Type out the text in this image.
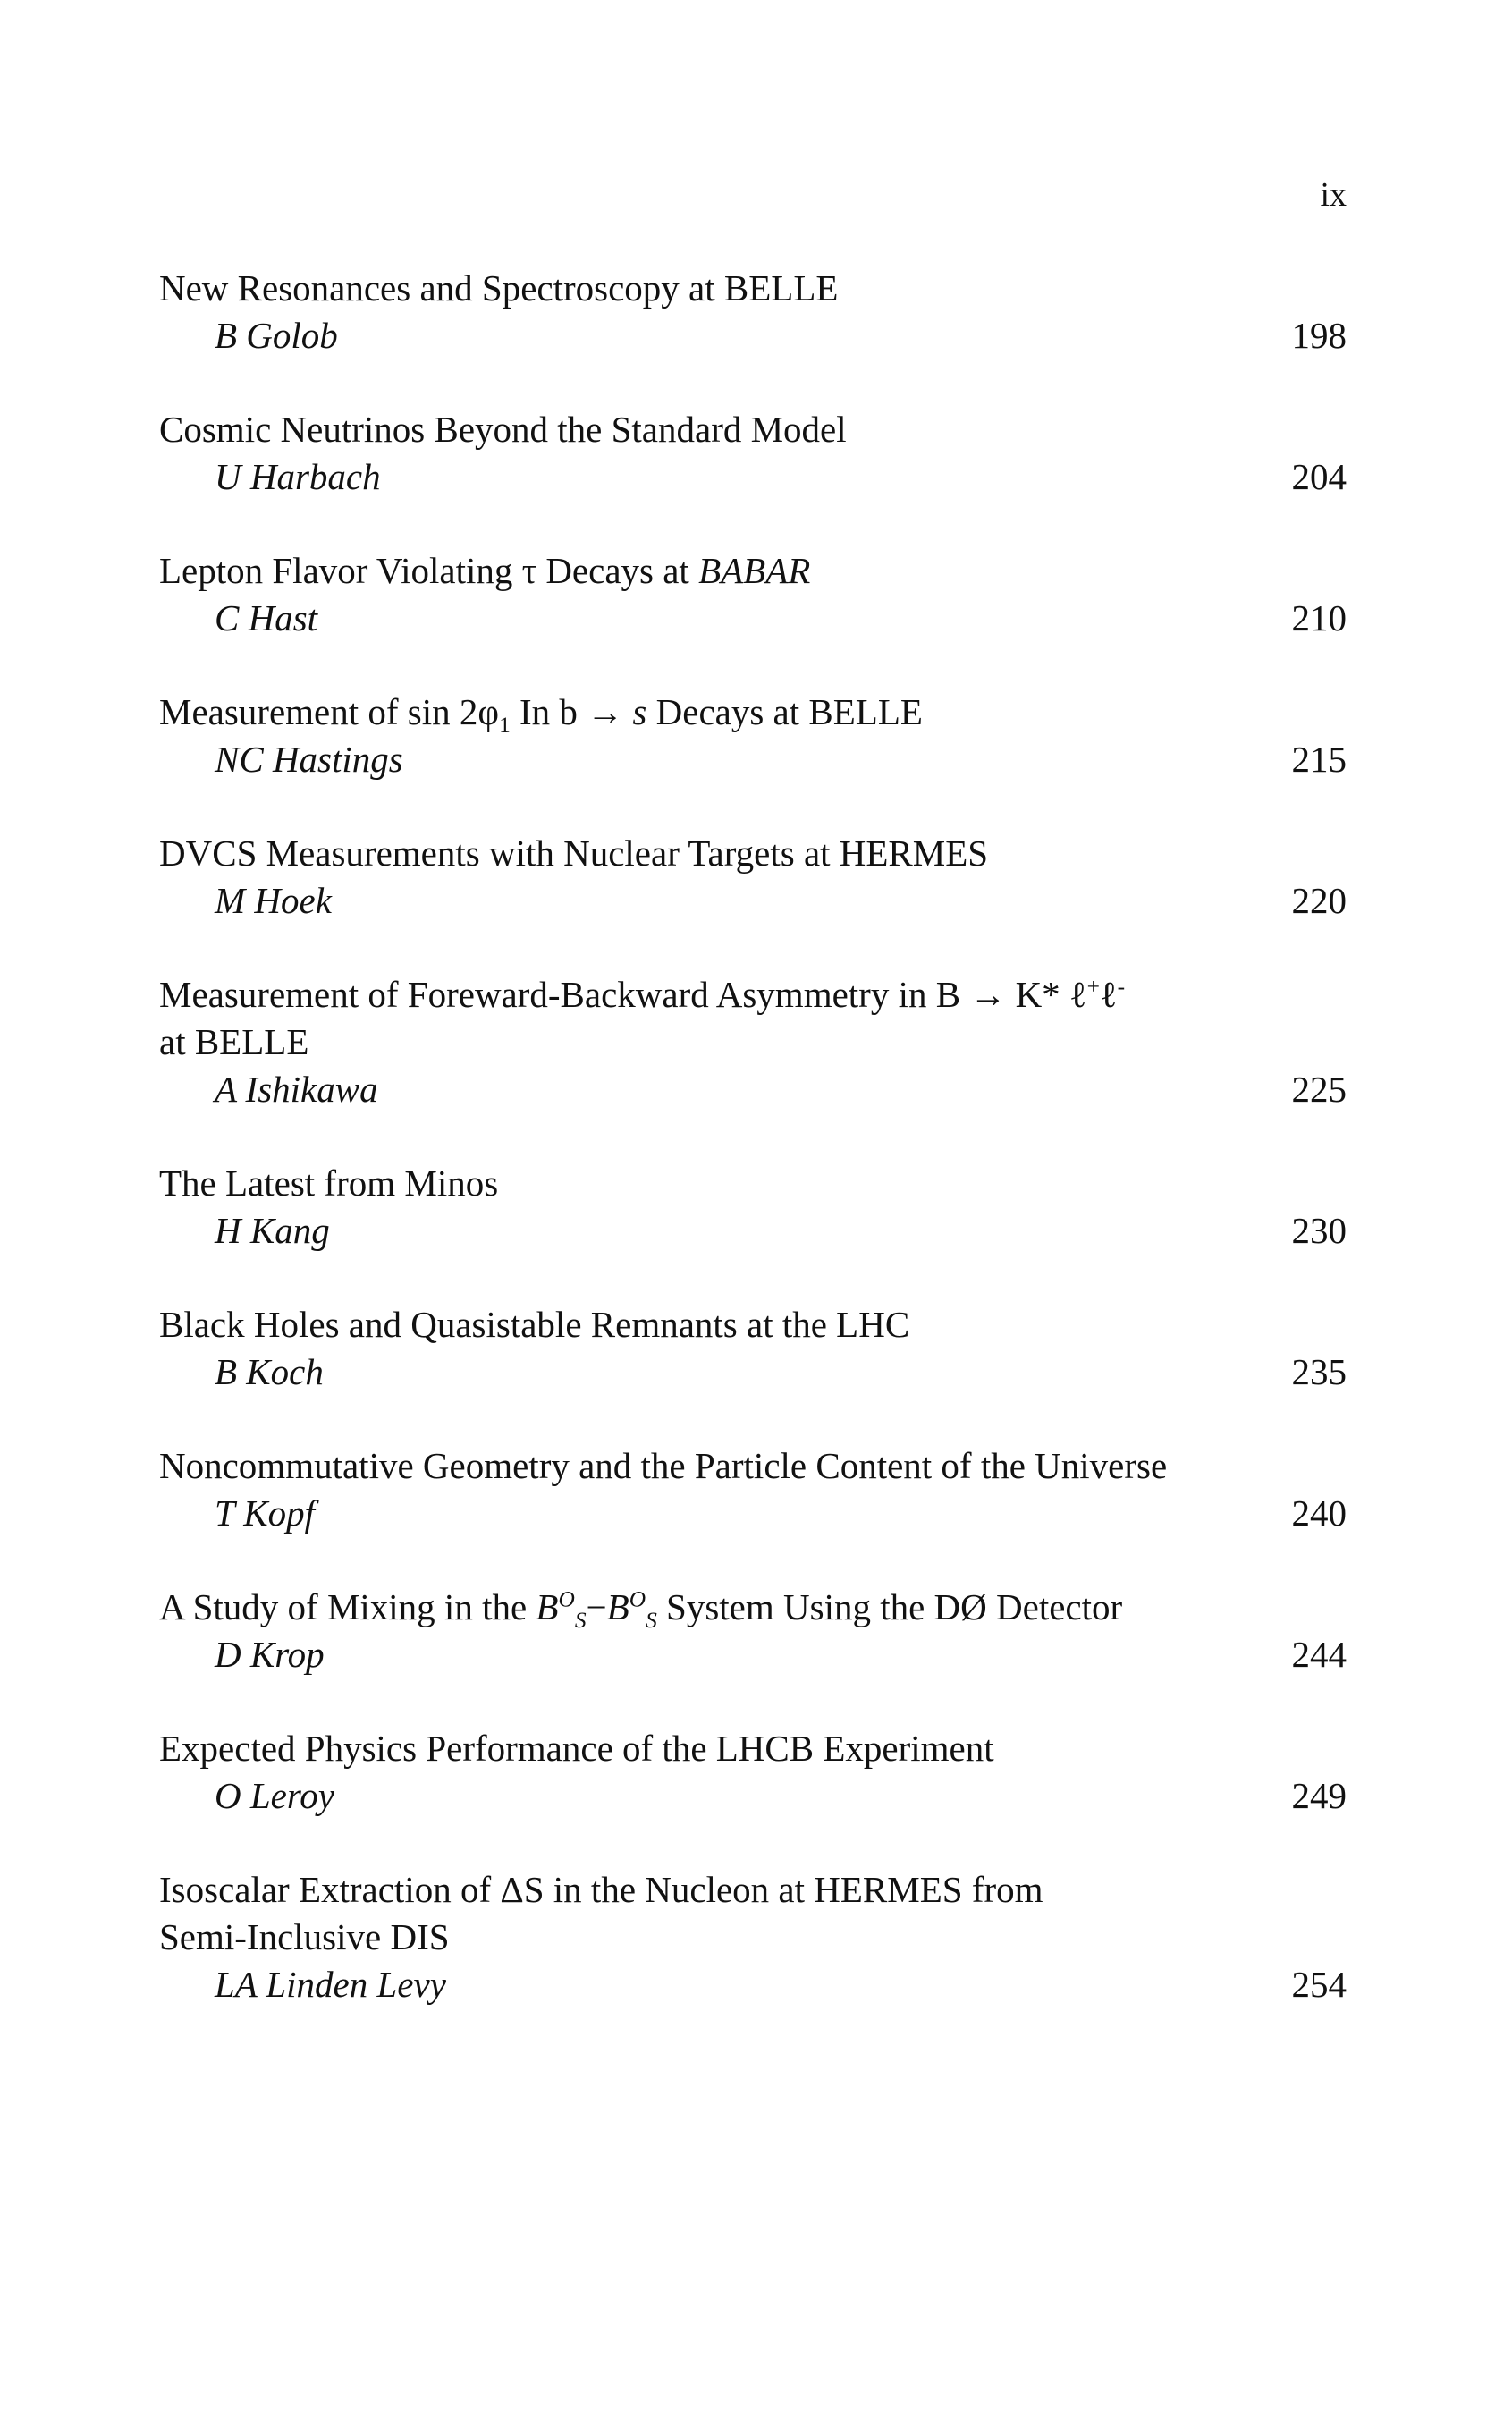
ix
New Resonances and Spectroscopy at BELLE
B Golob	198
Cosmic Neutrinos Beyond the Standard Model
U Harbach	204
Lepton Flavor Violating τ Decays at BABAR
C Hast	210
Measurement of $\sin 2\varphi_1$ In b → s Decays at BELLE
NC Hastings	215
DVCS Measurements with Nuclear Targets at HERMES
M Hoek	220
Measurement of Foreward-Backward Asymmetry in B → K* ℓ+ℓ-
at BELLE
A Ishikawa	225
The Latest from Minos
H Kang	230
Black Holes and Quasistable Remnants at the LHC
B Koch	235
Noncommutative Geometry and the Particle Content of the Universe
T Kopf	240
A Study of Mixing in the $B^O_S-B^O_S$ System Using the DØ Detector
D Krop	244
Expected Physics Performance of the LHCB Experiment
O Leroy	249
Isoscalar Extraction of ΔS in the Nucleon at HERMES from
Semi-Inclusive DIS
LA Linden Levy	254
